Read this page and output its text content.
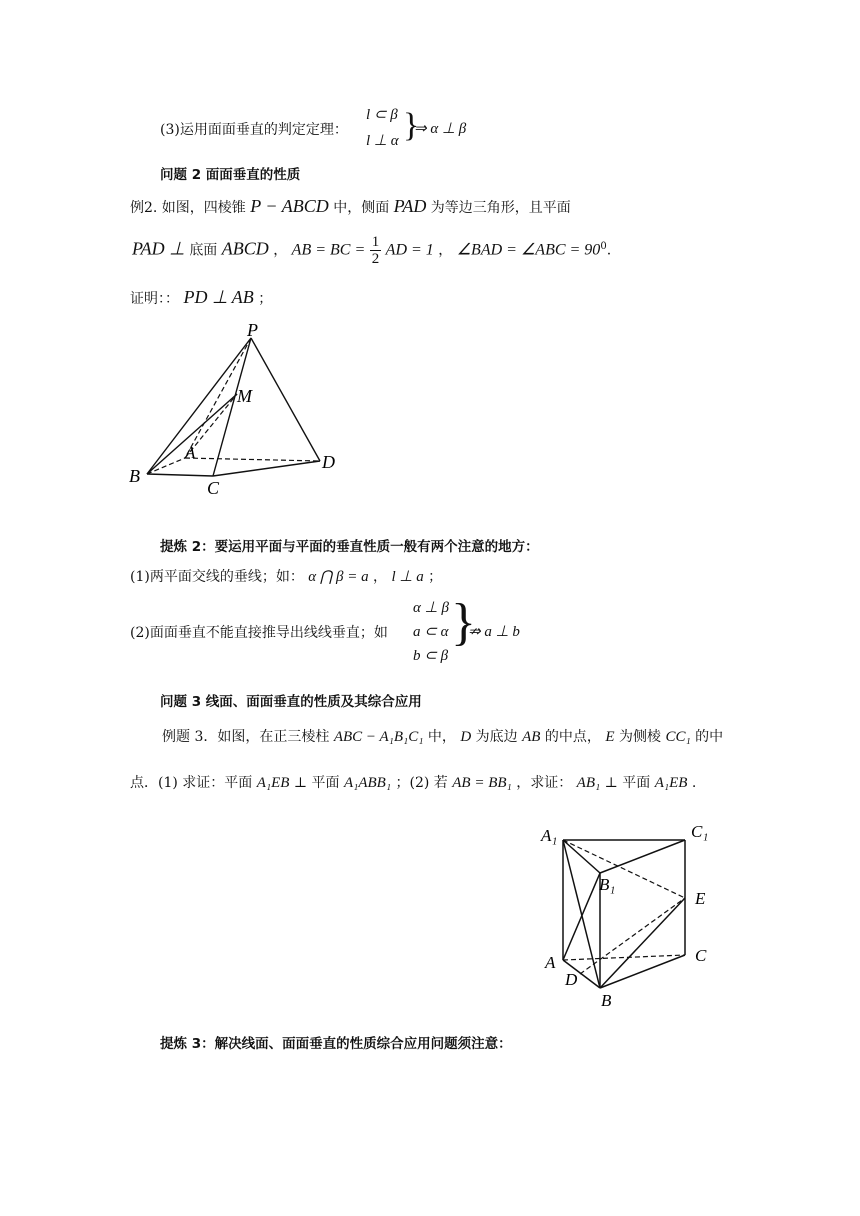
(3)运用面面垂直的判定定理：
l ⊂ β
l ⊥ α }
⇒ α ⊥ β
问题 2 面面垂直的性质
例2. 如图，四棱锥 P − ABCD 中，侧面 PAD 为等边三角形，且平面
PAD ⊥ 底面 ABCD ， AB = BC = $\frac{1}{2}$ AD = 1 ， ∠BAD = ∠ABC = $90^0$.
证明：： PD ⊥ AB ；
P
M
A
B
C
D
提炼 2：要运用平面与平面的垂直性质一般有两个注意的地方：
(1)两平面交线的垂线；如： α ⋂ β = a ， l ⊥ a ；
(2)面面垂直不能直接推导出线线垂直；如
α ⊥ β
a ⊂ α
b ⊂ β
}
⇏ a ⊥ b
问题 3 线面、面面垂直的性质及其综合应用
例题 3．如图，在正三棱柱 ABC − A₁B₁C₁ 中， D 为底边 AB 的中点， E 为侧棱 CC₁ 的中
点．(1) 求证：平面 A₁EB ⊥ 平面 A₁ABB₁ ；(2) 若 AB = BB₁ ，求证： AB₁ ⊥ 平面 A₁EB .
A₁	C₁
B₁
E
A	C
D
B
提炼 3：解决线面、面面垂直的性质综合应用问题须注意：
